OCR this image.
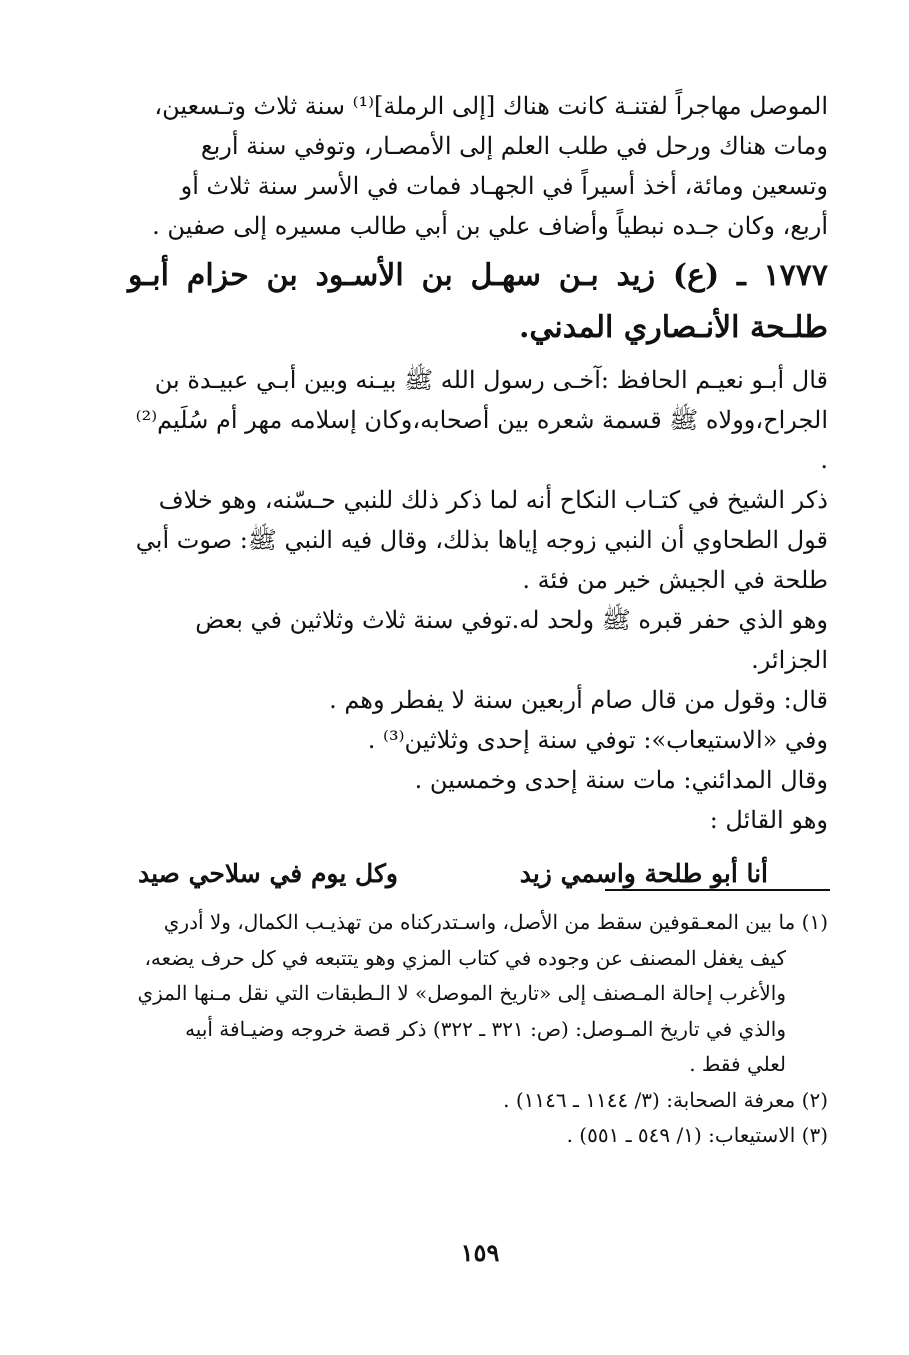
الموصل مهاجراً لفتنـة كانت هناك [إلى الرملة]⁽¹⁾ سنة ثلاث وتـسعين، ومات هناك ورحل في طلب العلم إلى الأمصـار، وتوفي سنة أربع وتسعين ومائة، أخذ أسيراً في الجهـاد فمات في الأسر سنة ثلاث أو أربع، وكان جـده نبطياً وأضاف علي بن أبي طالب مسيره إلى صفين .

١٧٧٧ ـ (ع) زيد بـن سهـل بن الأسـود بن حزام أبـو طلـحة الأنـصاري المدني.

قال أبـو نعيـم الحافظ :آخـى رسول الله ﷺ بيـنه وبين أبـي عبيـدة بن الجراح،وولاه ﷺ قسمة شعره بين أصحابه،وكان إسلامه مهر أم سُلَيم⁽²⁾ .

ذكر الشيخ في كتـاب النكاح أنه لما ذكر ذلك للنبي حـسّنه، وهو خلاف قول الطحاوي أن النبي زوجه إياها بذلك، وقال فيه النبي ﷺ: صوت أبي طلحة في الجيش خير من فئة .

وهو الذي حفر قبره ﷺ ولحد له.توفي سنة ثلاث وثلاثين في بعض الجزائر.

قال: وقول من قال صام أربعين سنة لا يفطر وهم .

وفي «الاستيعاب»: توفي سنة إحدى وثلاثين⁽³⁾ .

وقال المدائني: مات سنة إحدى وخمسين .

وهو القائل :

أنا أبو طلحة واسمي زيد
وكل يوم في سلاحي صيد

(١) ما بين المعـقوفين سقط من الأصل، واسـتدركناه من تهذيـب الكمال، ولا أدري

كيف يغفل المصنف عن وجوده في كتاب المزي وهو يتتبعه في كل حرف يضعه،

والأغرب إحالة المـصنف إلى «تاريخ الموصل» لا الـطبقات التي نقل مـنها المزي

والذي في تاريخ المـوصل: (ص: ٣٢١ ـ ٣٢٢) ذكر قصة خروجه وضيـافة أبيه

لعلي فقط .

(٢) معرفة الصحابة: (٣/ ١١٤٤ ـ ١١٤٦) .

(٣) الاستيعاب: (١/ ٥٤٩ ـ ٥٥١) .

١٥٩
